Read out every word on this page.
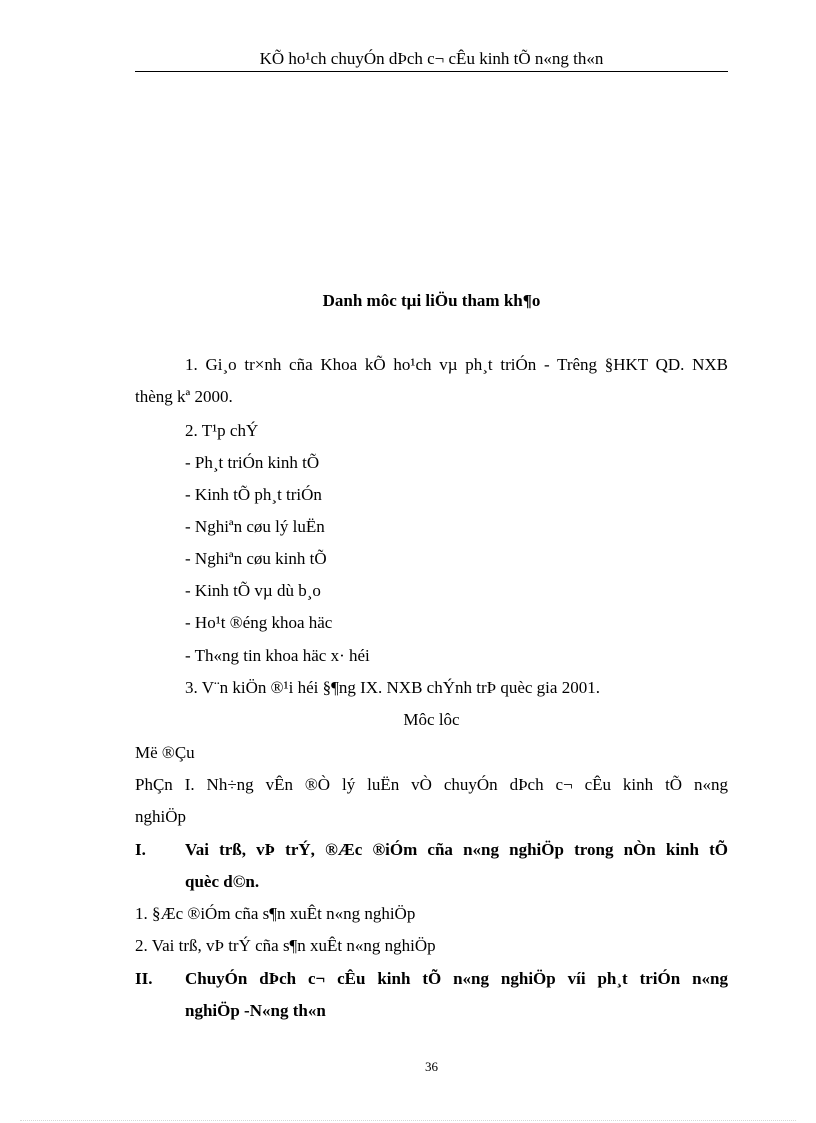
KÕ ho¹ch chuyÓn dÞch c¬ cÊu kinh tÕ n«ng th«n
Danh môc tµi liÖu tham kh¶o
1. Gi¸o tr×nh cña Khoa kÕ ho¹ch vµ ph¸t triÓn - Trêng §HKT QD. NXB
thèng kª 2000.
2. T¹p chÝ
- Ph¸t triÓn kinh tÕ
- Kinh tÕ ph¸t triÓn
- Nghiªn cøu lý luËn
- Nghiªn cøu kinh tÕ
- Kinh tÕ vµ dù b¸o
- Ho¹t ®éng khoa häc
- Th«ng tin khoa häc x· héi
3. V¨n kiÖn ®¹i héi §¶ng IX. NXB chÝnh trÞ quèc gia 2001.
Môc lôc
Më ®Çu
PhÇn I. Nh÷ng vÊn ®Ò lý luËn vÒ chuyÓn dÞch c¬ cÊu kinh tÕ n«ng
nghiÖp
I. Vai trß, vÞ trÝ, ®Æc ®iÓm cña n«ng nghiÖp trong nÒn kinh tÕ
quèc d©n.
1. §Æc ®iÓm cña s¶n xuÊt n«ng nghiÖp
2. Vai trß, vÞ trÝ cña s¶n xuÊt n«ng nghiÖp
II. ChuyÓn dÞch c¬ cÊu kinh tÕ n«ng nghiÖp víi ph¸t triÓn n«ng
nghiÖp -N«ng th«n
36
